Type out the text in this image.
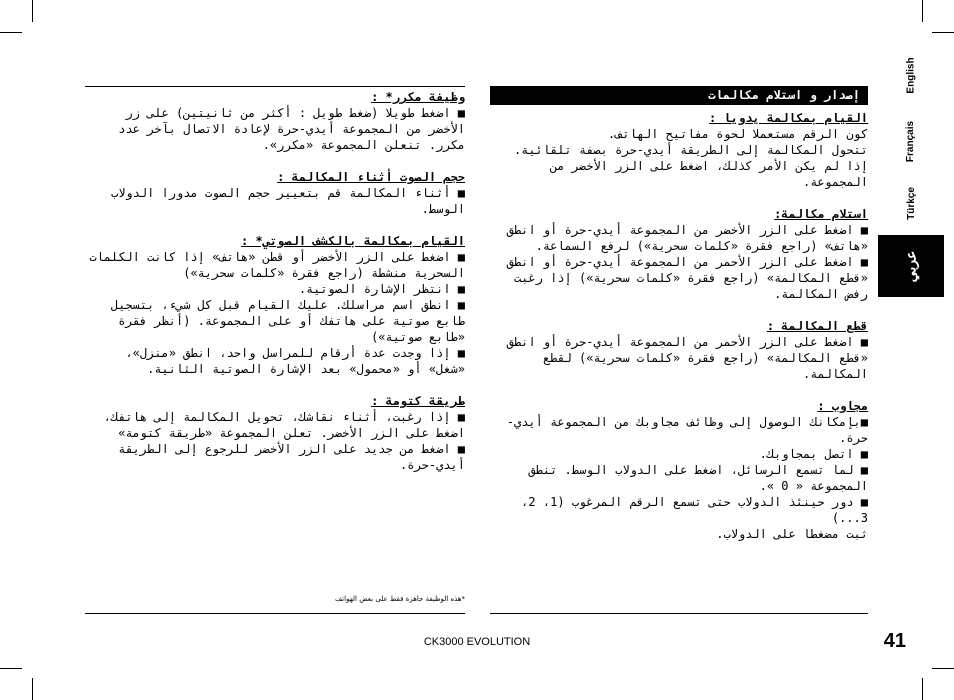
وظيفة مكرر* :

■ اضغط طويلا (ضغط طويل : أكثر من ثانيتين) على زر الأخضر من المجموعة أيدي-حرة لإعادة الاتصال بآخر عدد مكرر. تنعلن المجموعة «مكرر».

حجم الصوت أثناء المكالمة :

■ أثناء المكالمة قم بتعيير حجم الصوت مدورا الدولاب الوسط.

القيام بمكالمة بالكشف الصوتي* :

■ اضغط على الزر الأخضر أو قطن «هاتف» إذا كانت الكلمات السحرية منشطة (راجع فقرة «كلمات سحرية»)

■ انتظر الإشارة الصوتية.

■ انطق اسم مراسلك. عليك القيام قبل كل شيء، بتسجيل طابع صوتية على هاتفك أو على المجموعة. (أنظر فقرة «طابع صوتية»)

■ إذا وجدت عدة أرقام للمراسل واحد، انطق «منزل»، «شغل» أو «محمول» بعد الإشارة الصوتية الثانية.

طريقة كتومة :

■ إذا رغبت، أثناء نقاشك، تحويل المكالمة إلى هاتفك، اضغط على الزر الأخضر. تعلن المجموعة «طريقة كتومة»

■ اضغط من جديد على الزر الأخضر للرجوع إلى الطريقة أيدي-حرة.

إصدار و استلام مكالمات

القيام بمكالمة يدويا :

كون الرقم مستعملا لحوة مفاتيح الهاتف.

تتحول المكالمة إلى الطريقة أيدي-حرة بصفة تلقائية. إذا لم يكن الأمر كذلك، اضغط على الزر الأخضر من المجموعة.

استلام مكالمة:

■ اضغط على الزر الأخضر من المجموعة أيدي-حرة أو انطق «هاتف» (راجع فقرة «كلمات سحرية») لرفع السماعة.

■ اضغط على الزر الأحمر من المجموعة أيدي-حرة أو انطق «قطع المكالمة» (راجع فقرة «كلمات سحرية») إذا رغبت رفض المكالمة.

قطع المكالمة :

■ اضغط على الزر الأحمر من المجموعة أيدي-حرة أو انطق «قطع المكالمة» (راجع فقرة «كلمات سحرية») لقطع المكالمة.

مجاوب :

■بإمكانك الوصول إلى وظائف مجاوبك من المجموعة أيدي-حرة.

■ اتصل بمجاوبك.

■ لما تسمع الرسائل، اضغط على الدولاب الوسط. تنطق المجموعة « 0 ».

■ دور حينئذ الدولاب حتى تسمع الرقم المرغوب (1، 2، 3...)

ثبت مضغطا على الدولاب.

English
Français
Türkçe
عربي
*هذه الوظيفة جاهزة فقط على بعض الهواتف
CK3000 EVOLUTION	41
